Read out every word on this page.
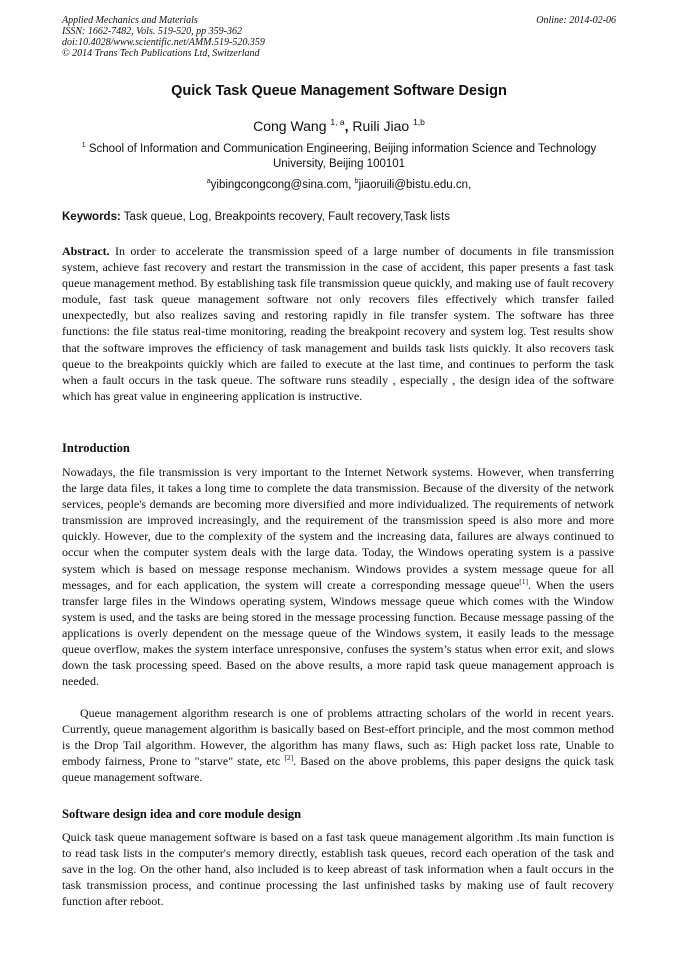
Applied Mechanics and Materials
ISSN: 1662-7482, Vols. 519-520, pp 359-362
doi:10.4028/www.scientific.net/AMM.519-520.359
© 2014 Trans Tech Publications Ltd, Switzerland
Online: 2014-02-06
Quick Task Queue Management Software Design
Cong Wang $^{1, a}$, Ruili Jiao $^{1,b}$
$^1$ School of Information and Communication Engineering, Beijing information Science and Technology University, Beijing 100101
$^a$yibingcongcong@sina.com, $^b$jiaoruili@bistu.edu.cn,
Keywords: Task queue, Log, Breakpoints recovery, Fault recovery,Task lists

Abstract. In order to accelerate the transmission speed of a large number of documents in file transmission system, achieve fast recovery and restart the transmission in the case of accident, this paper presents a fast task queue management method. By establishing task file transmission queue quickly, and making use of fault recovery module, fast task queue management software not only recovers files effectively which transfer failed unexpectedly, but also realizes saving and restoring rapidly in file transfer system. The software has three functions: the file status real-time monitoring, reading the breakpoint recovery and system log. Test results show that the software improves the efficiency of task management and builds task lists quickly. It also recovers task queue to the breakpoints quickly which are failed to execute at the last time, and continues to perform the task when a fault occurs in the task queue. The software runs steadily , especially , the design idea of the software which has great value in engineering application is instructive.

Introduction

Nowadays, the file transmission is very important to the Internet Network systems. However, when transferring the large data files, it takes a long time to complete the data transmission. Because of the diversity of the network services, people's demands are becoming more diversified and more individualized. The requirements of network transmission are improved increasingly, and the requirement of the transmission speed is also more and more quickly. However, due to the complexity of the system and the increasing data, failures are always continued to occur when the computer system deals with the large data. Today, the Windows operating system is a passive system which is based on message response mechanism. Windows provides a system message queue for all messages, and for each application, the system will create a corresponding message queue[1]. When the users transfer large files in the Windows operating system, Windows message queue which comes with the Window system is used, and the tasks are being stored in the message processing function. Because message passing of the applications is overly dependent on the message queue of the Windows system, it easily leads to the message queue overflow, makes the system interface unresponsive, confuses the system’s status when error exit, and slows down the task processing speed. Based on the above results, a more rapid task queue management approach is needed.

Queue management algorithm research is one of problems attracting scholars of the world in recent years. Currently, queue management algorithm is basically based on Best-effort principle, and the most common method is the Drop Tail algorithm. However, the algorithm has many flaws, such as: High packet loss rate, Unable to embody fairness, Prone to "starve" state, etc [2]. Based on the above problems, this paper designs the quick task queue management software.

Software design idea and core module design

Quick task queue management software is based on a fast task queue management algorithm .Its main function is to read task lists in the computer's memory directly, establish task queues, record each operation of the task and save in the log. On the other hand, also included is to keep abreast of task information when a fault occurs in the task transmission process, and continue processing the last unfinished tasks by making use of fault recovery function after reboot.
